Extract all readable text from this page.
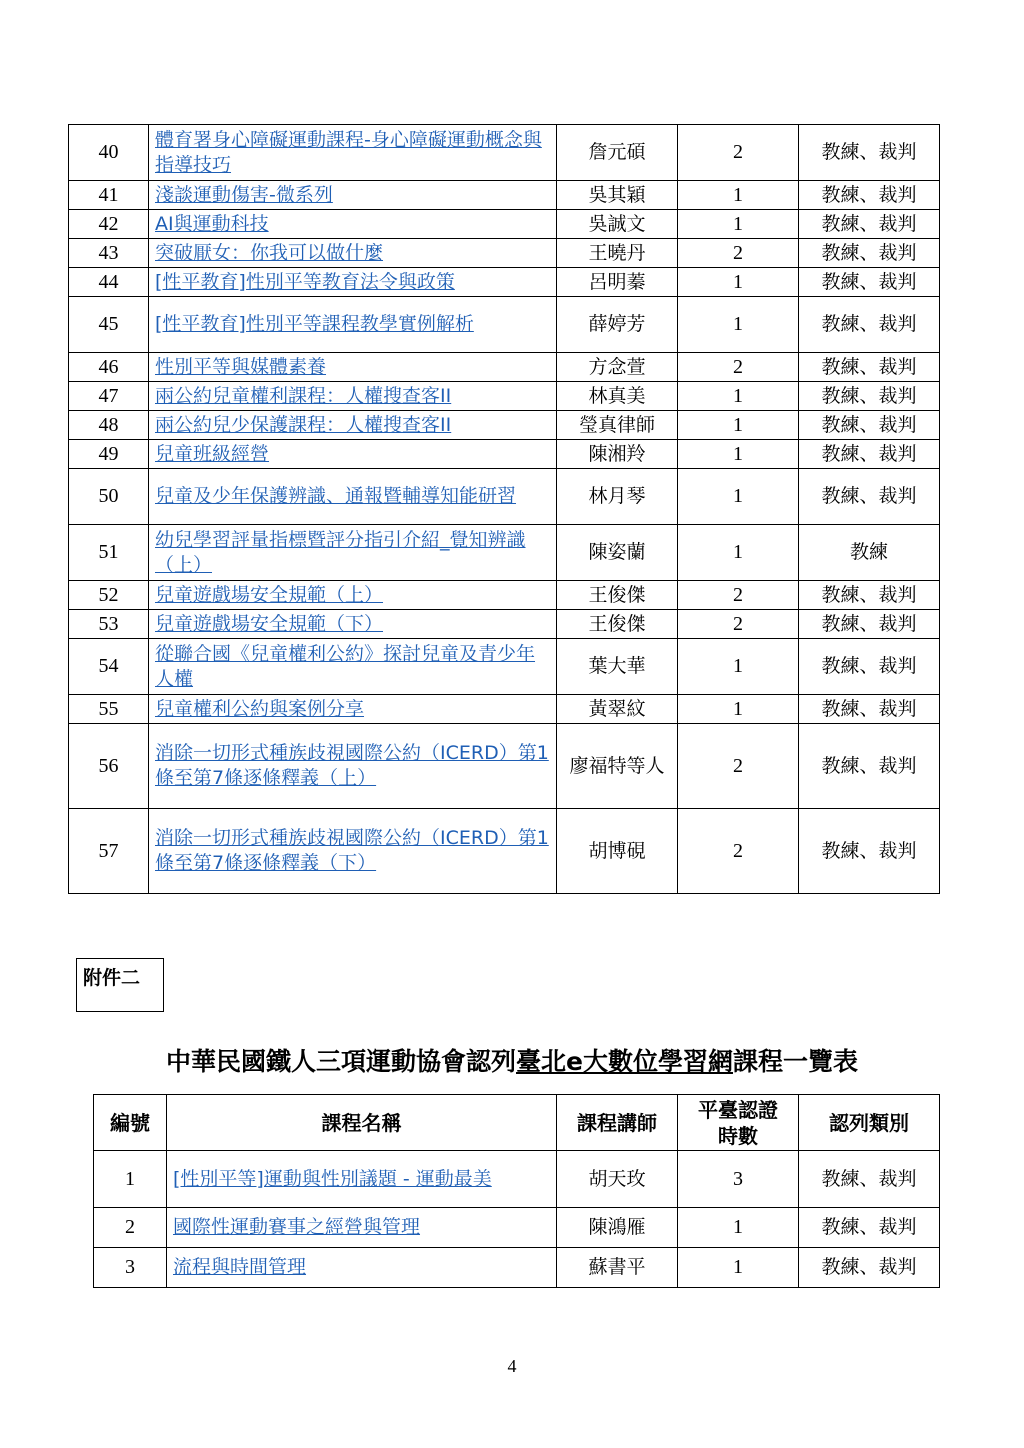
40	體育署身心障礙運動課程-身心障礙運動概念與指導技巧	詹元碩	2	教練、裁判
41	淺談運動傷害-微系列	吳其穎	1	教練、裁判
42	AI與運動科技	吳誠文	1	教練、裁判
43	突破厭女：你我可以做什麼	王曉丹	2	教練、裁判
44	[性平教育]性別平等教育法令與政策	呂明蓁	1	教練、裁判
45	[性平教育]性別平等課程教學實例解析	薛婷芳	1	教練、裁判
46	性別平等與媒體素養	方念萱	2	教練、裁判
47	兩公約兒童權利課程：人權搜查客II	林真美	1	教練、裁判
48	兩公約兒少保護課程：人權搜查客II	瑩真律師	1	教練、裁判
49	兒童班級經營	陳湘羚	1	教練、裁判
50	兒童及少年保護辨識、通報暨輔導知能研習	林月琴	1	教練、裁判
51	幼兒學習評量指標暨評分指引介紹_覺知辨識（上）	陳姿蘭	1	教練
52	兒童遊戲場安全規範（上）	王俊傑	2	教練、裁判
53	兒童遊戲場安全規範（下）	王俊傑	2	教練、裁判
54	從聯合國《兒童權利公約》探討兒童及青少年人權	葉大華	1	教練、裁判
55	兒童權利公約與案例分享	黃翠紋	1	教練、裁判
56	消除一切形式種族歧視國際公約（ICERD）第1條至第7條逐條釋義（上）	廖福特等人	2	教練、裁判
57	消除一切形式種族歧視國際公約（ICERD）第1條至第7條逐條釋義（下）	胡博硯	2	教練、裁判
附件二
中華民國鐵人三項運動協會認列臺北e大數位學習網課程一覽表
編號	課程名稱	課程講師	平臺認證時數	認列類別
1	[性別平等]運動與性別議題 - 運動最美	胡天玫	3	教練、裁判
2	國際性運動賽事之經營與管理	陳鴻雁	1	教練、裁判
3	流程與時間管理	蘇書平	1	教練、裁判
4
